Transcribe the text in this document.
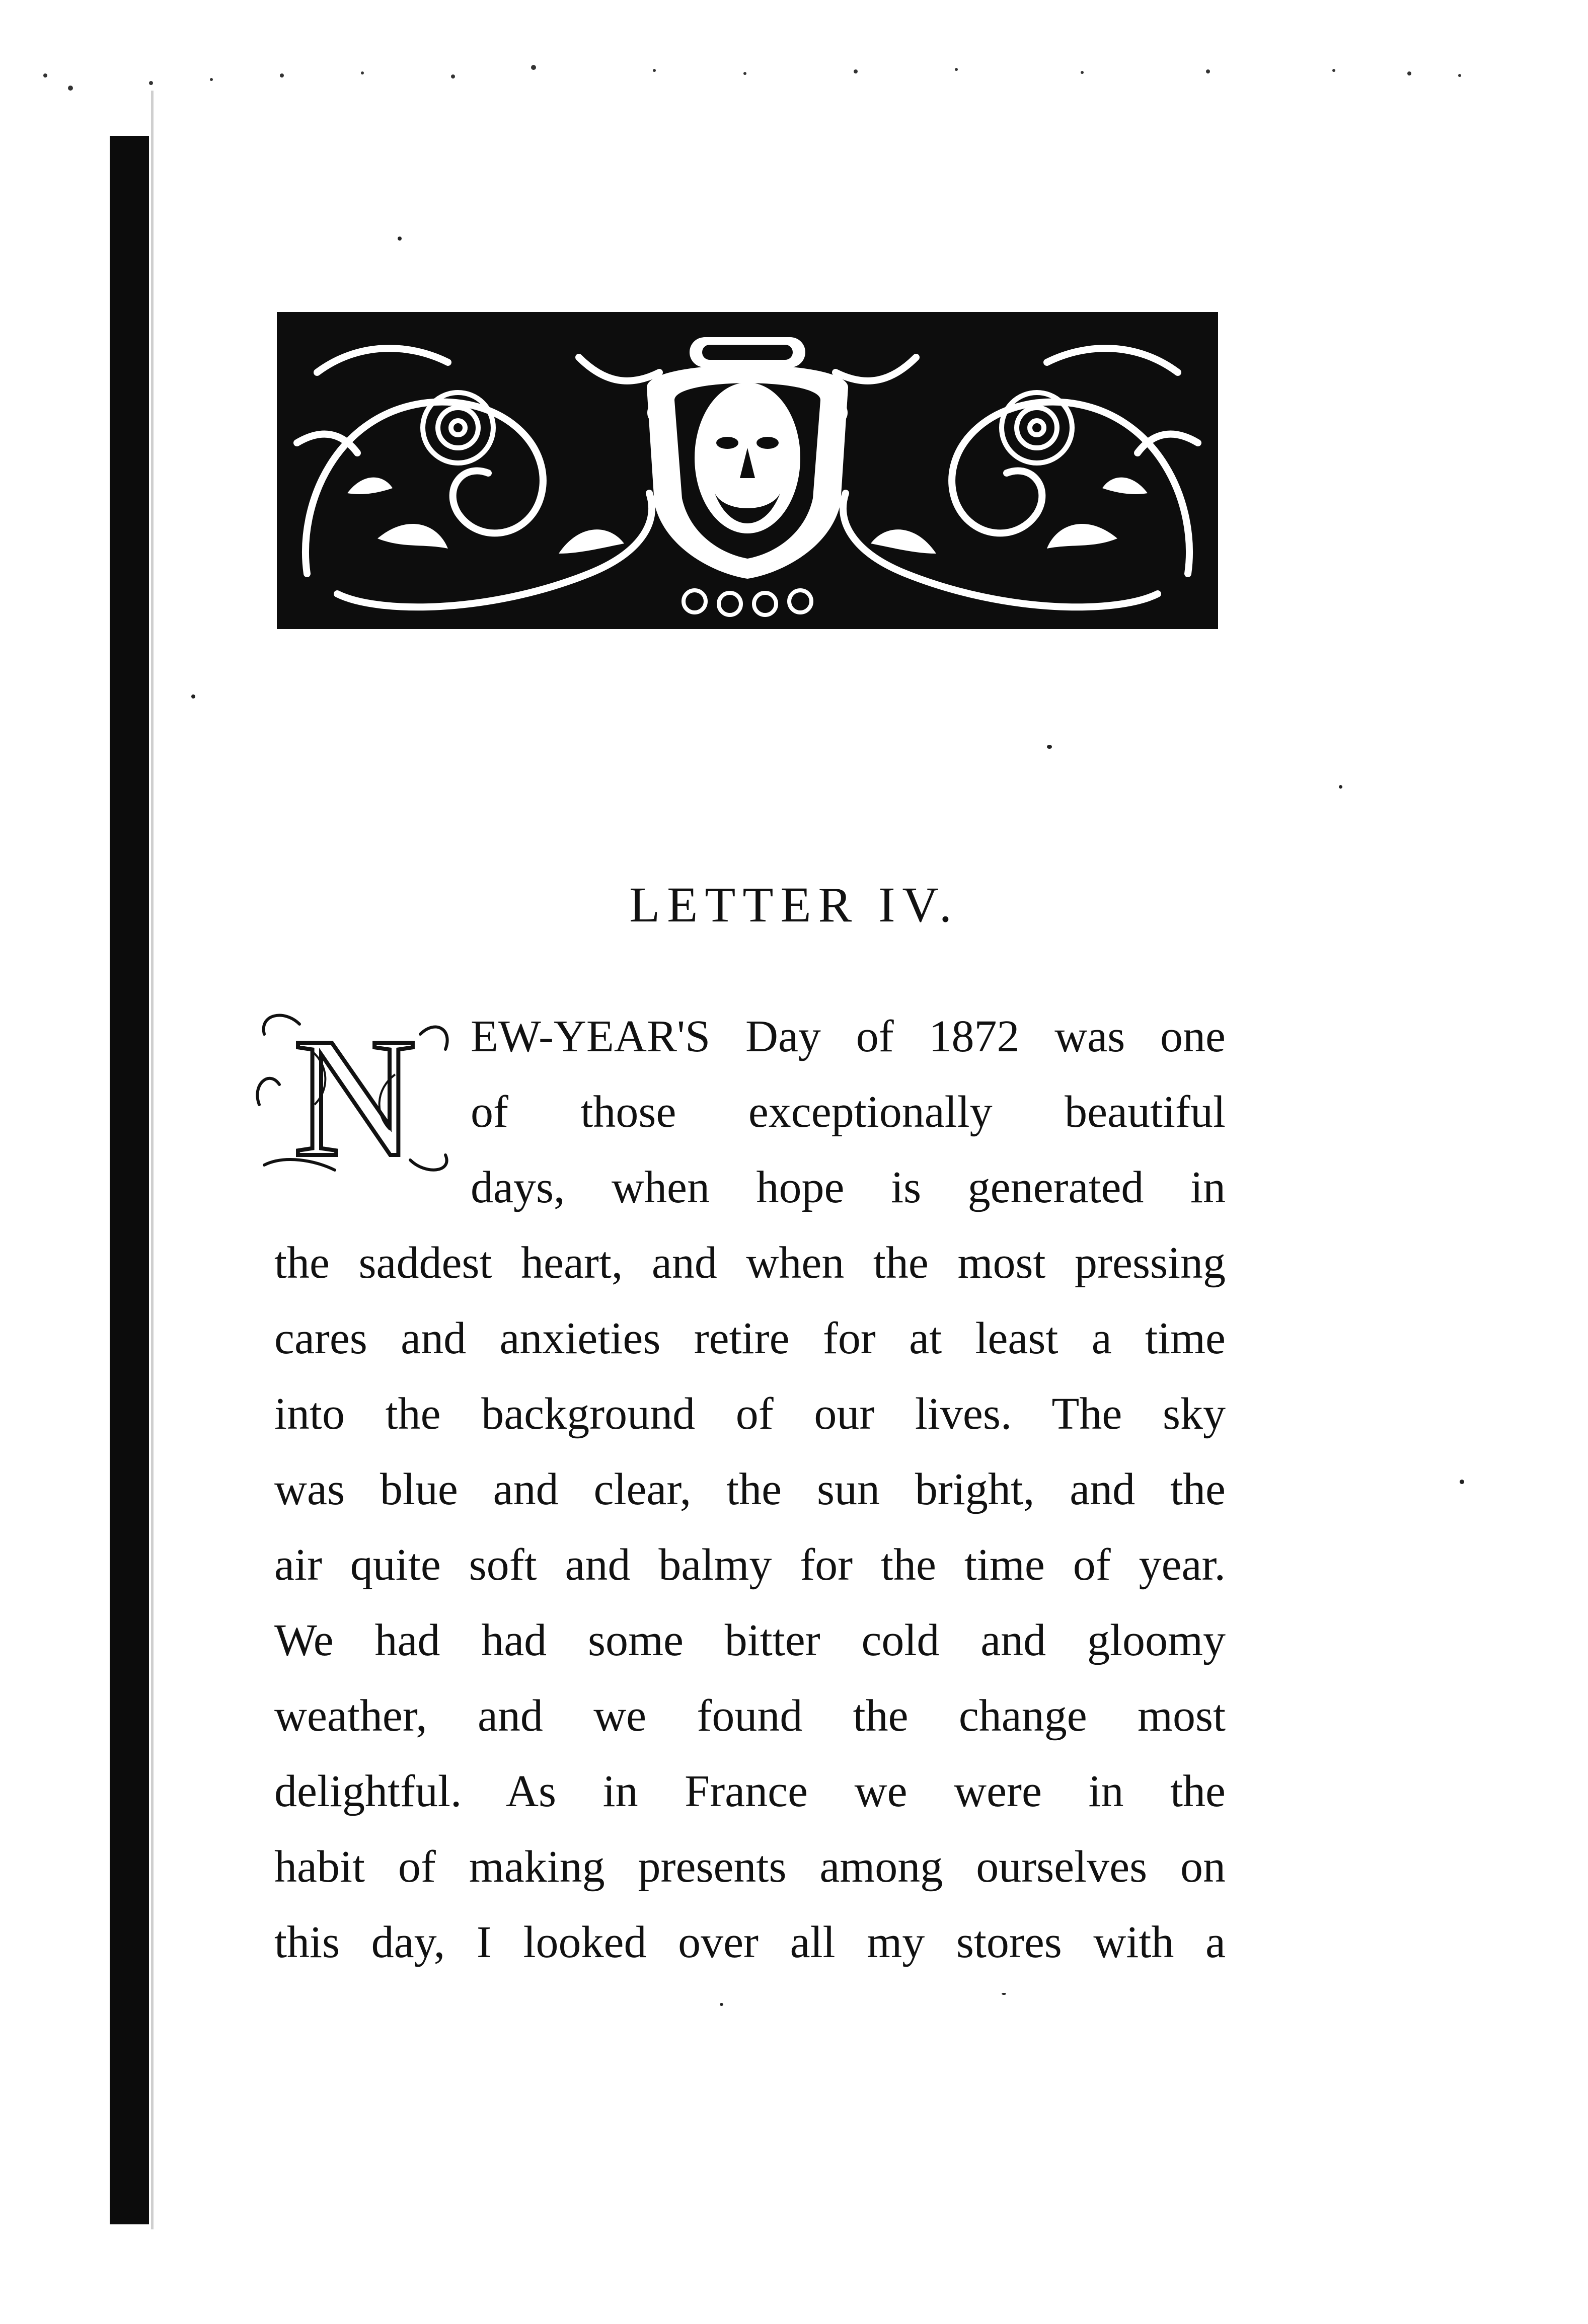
LETTER IV.
N EW-YEAR'S Day of 1872 was one
of those exceptionally beautiful
days, when hope is generated in
the saddest heart, and when the most pressing
cares and anxieties retire for at least a time
into the background of our lives. The sky
was blue and clear, the sun bright, and the
air quite soft and balmy for the time of year.
We had had some bitter cold and gloomy
weather, and we found the change most
delightful. As in France we were in the
habit of making presents among ourselves on
this day, I looked over all my stores with a
